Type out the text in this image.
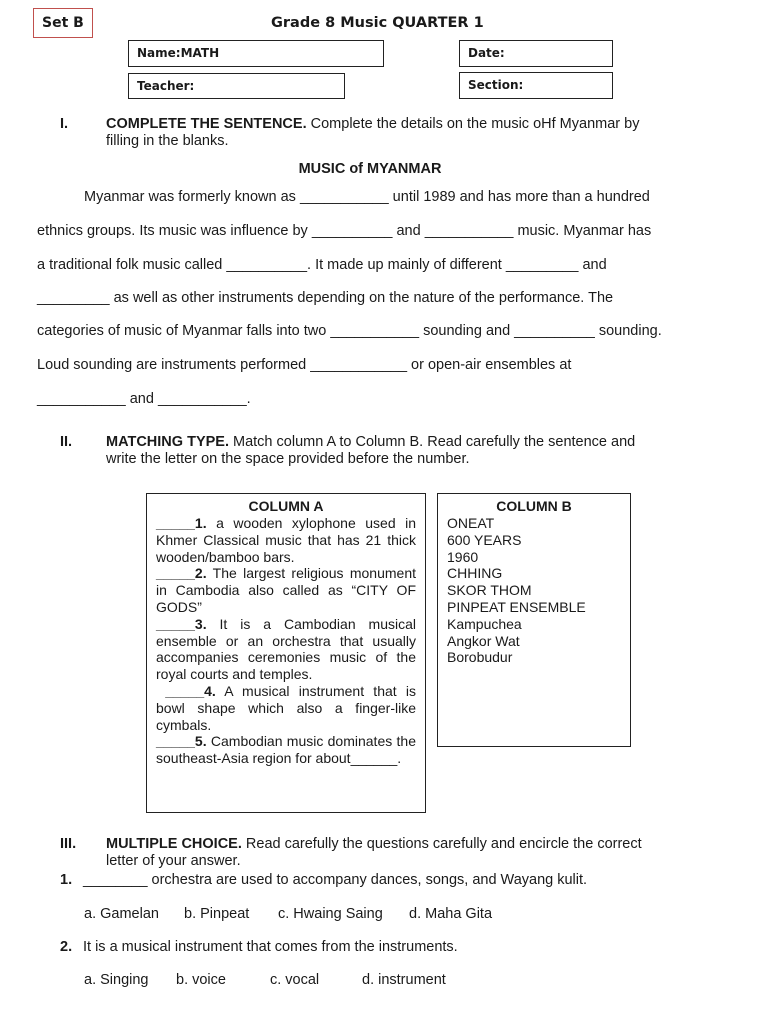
Set B	Grade 8 Music QUARTER 1
Name:MATH	Date:
Teacher:	Section:
I.	COMPLETE THE SENTENCE. Complete the details on the music oHf Myanmar by
filling in the blanks.
MUSIC of MYANMAR
Myanmar was formerly known as ___________ until 1989 and has more than a hundred
ethnics groups. Its music was influence by __________ and ___________ music. Myanmar has
a traditional folk music called __________. It made up mainly of different _________ and
_________ as well as other instruments depending on the nature of the performance. The
categories of music of Myanmar falls into two ___________ sounding and __________ sounding.
Loud sounding are instruments performed ____________ or open-air ensembles at
___________ and ___________.
II. MATCHING TYPE. Match column A to Column B. Read carefully the sentence and
write the letter on the space provided before the number.
COLUMN A
_____1. a wooden xylophone used in Khmer Classical music that has 21 thick wooden/bamboo bars.
_____2. The largest religious monument in Cambodia also called as “CITY OF GODS”
_____3. It is a Cambodian musical ensemble or an orchestra that usually accompanies ceremonies music of the royal courts and temples.
_____4. A musical instrument that is bowl shape which also a finger-like cymbals.
_____5. Cambodian music dominates the southeast-Asia region for about______.
COLUMN B
ONEAT
600 YEARS
1960
CHHING
SKOR THOM
PINPEAT ENSEMBLE
Kampuchea
Angkor Wat
Borobudur
III. MULTIPLE CHOICE. Read carefully the questions carefully and encircle the correct
letter of your answer.
1. ________ orchestra are used to accompany dances, songs, and Wayang kulit.
a. Gamelan b. Pinpeat c. Hwaing Saing d. Maha Gita
2. It is a musical instrument that comes from the instruments.
a. Singing b. voice	c. vocal	d. instrument
